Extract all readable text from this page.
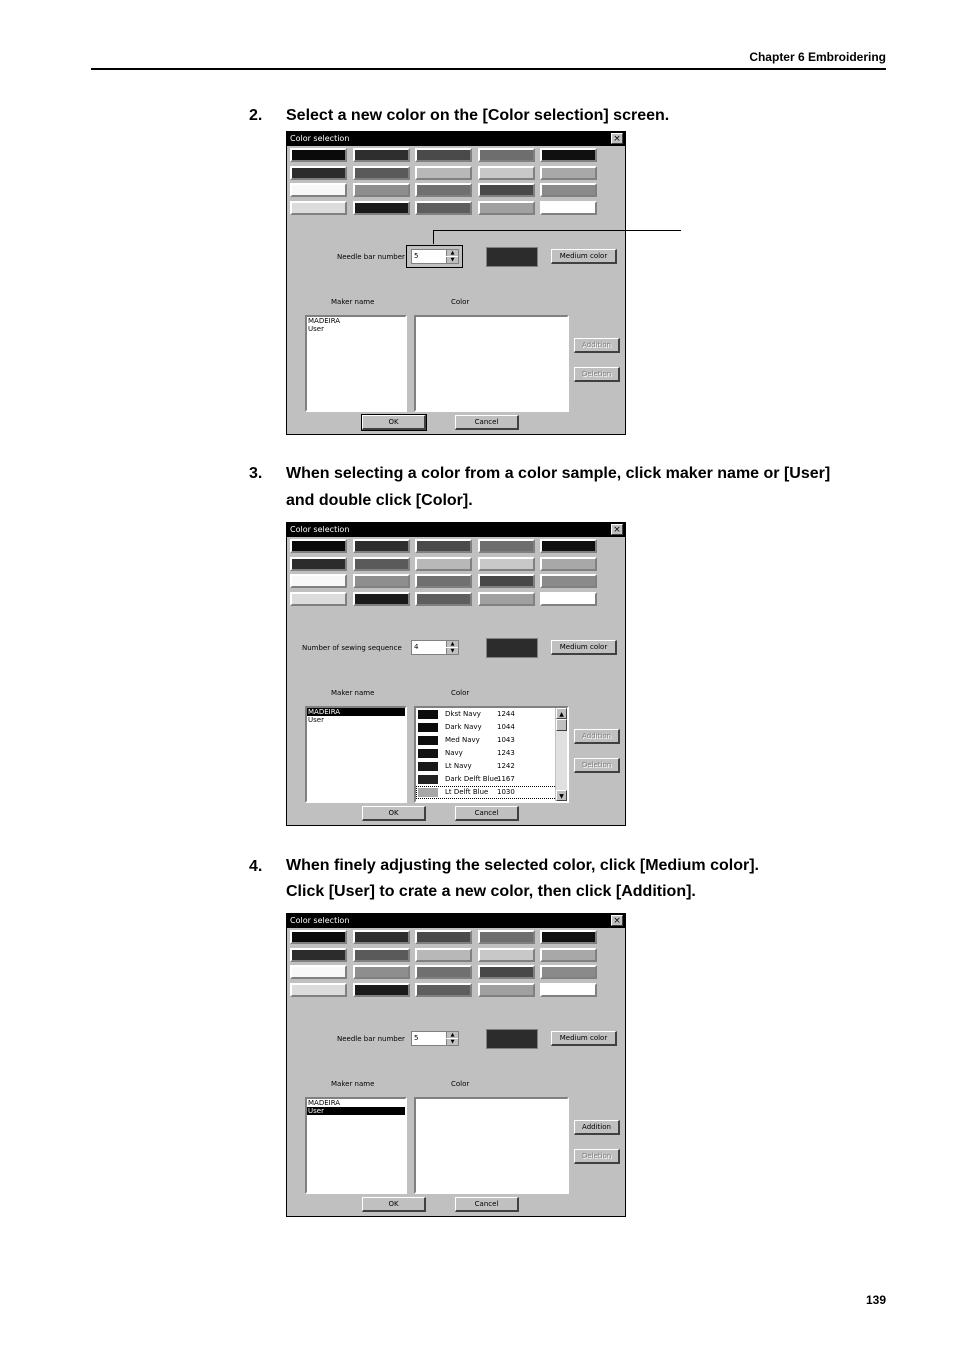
Chapter 6 Embroidering
2. Select a new color on the [Color selection] screen.
3. When selecting a color from a color sample, click maker name or [User]
and double click [Color].
4. When finely adjusting the selected color, click [Medium color].
Click [User] to crate a new color, then click [Addition].
Color selection	×
Needle bar number	5	▲
▼	Medium color
Maker name	Color
MADEIRA
User
Addition
Deletion
OK	Cancel
Color selection	×
Number of sewing sequence	4	▲
▼	Medium color
Maker name	Color
MADEIRA
User
Dkst Navy 1244
Dark Navy 1044
Med Navy 1043
Navy	1243
Lt Navy	1242
Dark Delft Blue
1167
Lt Delft Blue 1030
▲
▼
Addition
Deletion
OK	Cancel
Color selection	×
Needle bar number	5	▲
▼	Medium color
Maker name	Color
MADEIRA
User
Addition
Deletion
OK	Cancel
139
